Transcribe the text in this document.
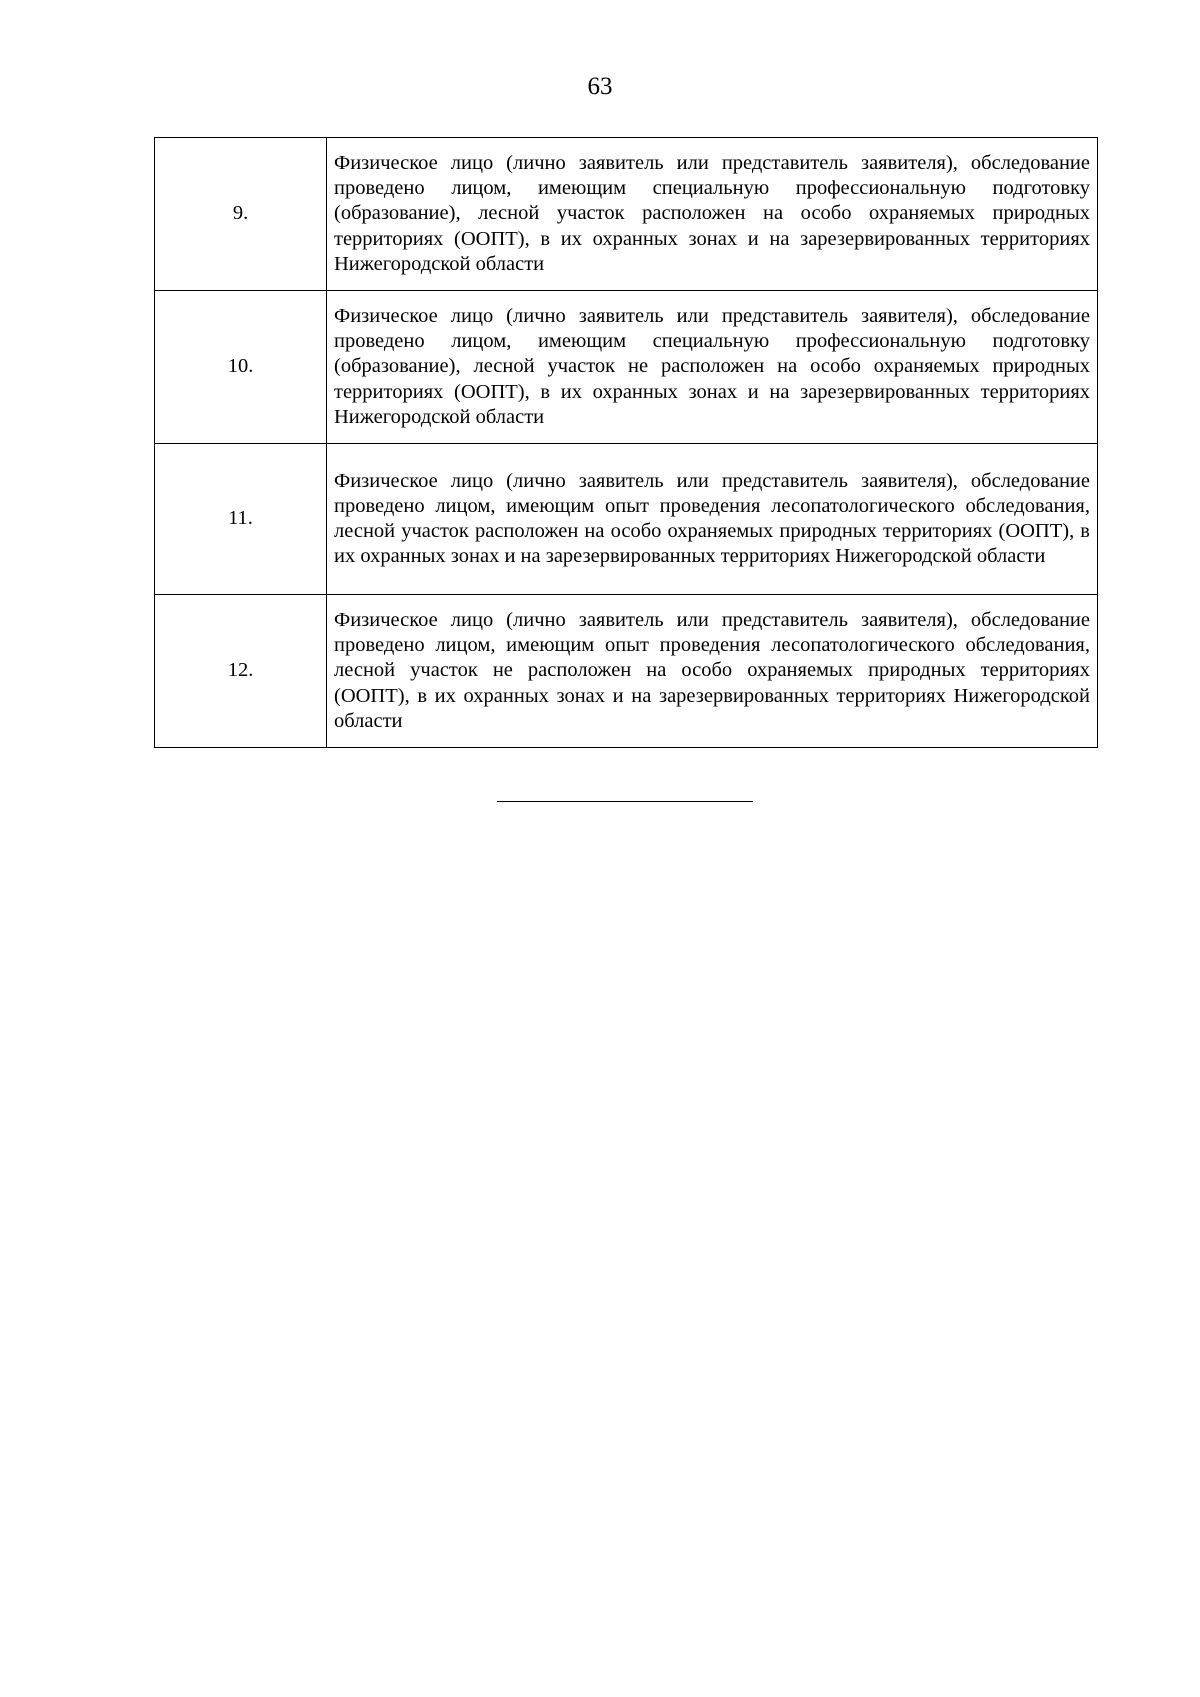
63
9.	Физическое лицо (лично заявитель или представитель заявителя), обследование проведено лицом, имеющим специальную профессиональную подготовку (образование), лесной участок расположен на особо охраняемых природных территориях (ООПТ), в их охранных зонах и на зарезервированных территориях Нижегородской области
10.	Физическое лицо (лично заявитель или представитель заявителя), обследование проведено лицом, имеющим специальную профессиональную подготовку (образование), лесной участок не расположен на особо охраняемых природных территориях (ООПТ), в их охранных зонах и на зарезервированных территориях Нижегородской области
11.	Физическое лицо (лично заявитель или представитель заявителя), обследование проведено лицом, имеющим опыт проведения лесопатологического обследования, лесной участок расположен на особо охраняемых природных территориях (ООПТ), в их охранных зонах и на зарезервированных территориях Нижегородской области
12.	Физическое лицо (лично заявитель или представитель заявителя), обследование проведено лицом, имеющим опыт проведения лесопатологического обследования, лесной участок не расположен на особо охраняемых природных территориях (ООПТ), в их охранных зонах и на зарезервированных территориях Нижегородской области
